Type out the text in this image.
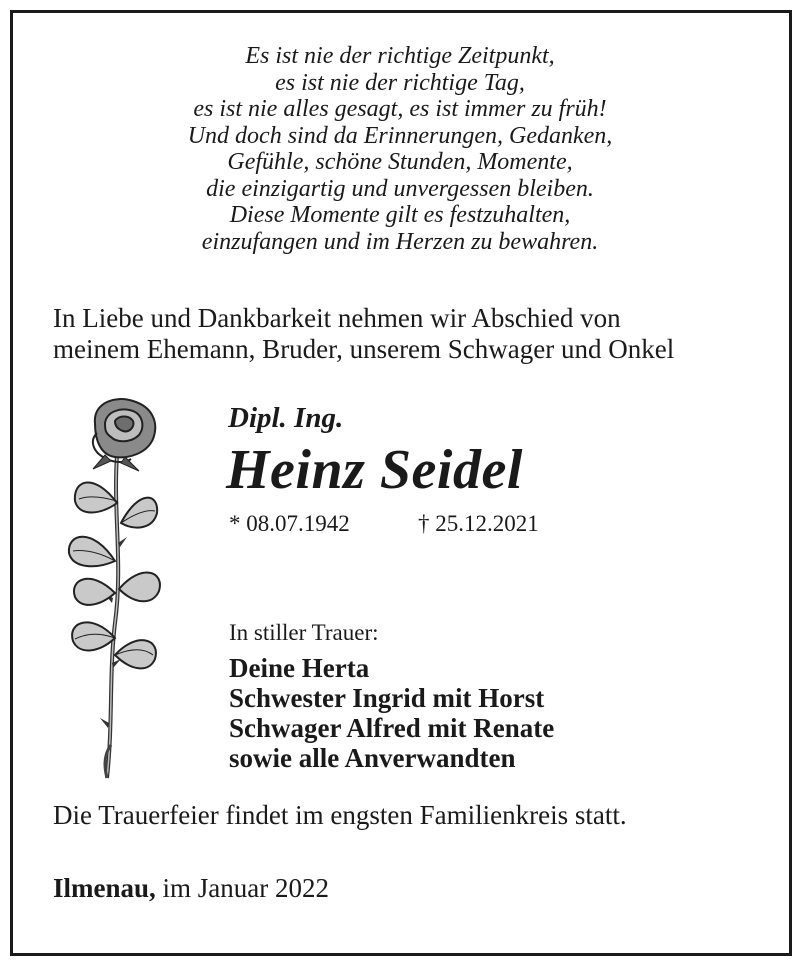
Es ist nie der richtige Zeitpunkt,
es ist nie der richtige Tag,
es ist nie alles gesagt, es ist immer zu früh!
Und doch sind da Erinnerungen, Gedanken,
Gefühle, schöne Stunden, Momente,
die einzigartig und unvergessen bleiben.
Diese Momente gilt es festzuhalten,
einzufangen und im Herzen zu bewahren.
In Liebe und Dankbarkeit nehmen wir Abschied von
meinem Ehemann, Bruder, unserem Schwager und Onkel
Dipl. Ing.
Heinz Seidel
* 08.07.1942	† 25.12.2021
In stiller Trauer:
Deine Herta
Schwester Ingrid mit Horst
Schwager Alfred mit Renate
sowie alle Anverwandten
Die Trauerfeier findet im engsten Familienkreis statt.
Ilmenau, im Januar 2022
